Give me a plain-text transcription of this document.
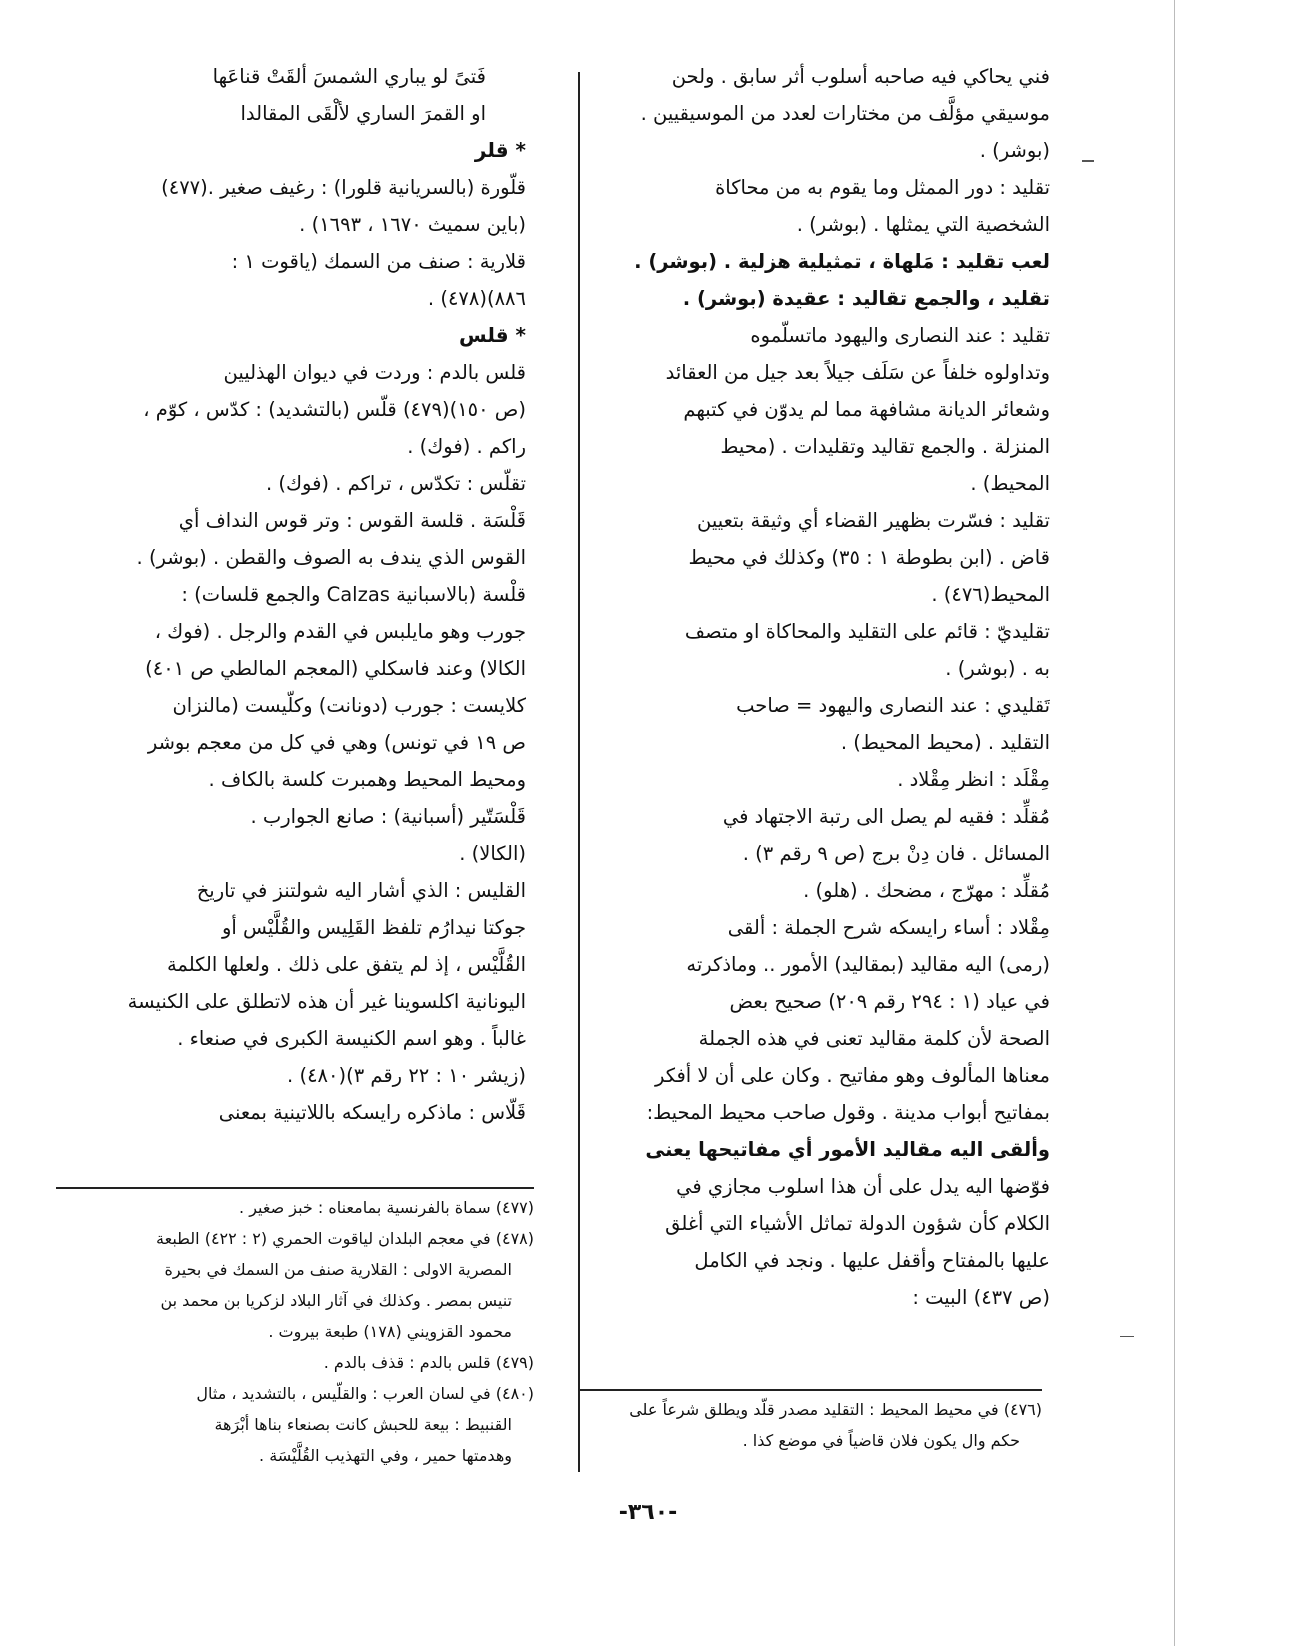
فني يحاكي فيه صاحبه أسلوب أثر سابق . ولحن
موسيقي مؤلَّف من مختارات لعدد من الموسيقيين .
(بوشر) .
تقليد : دور الممثل وما يقوم به من محاكاة
الشخصية التي يمثلها . (بوشر) .
لعب تقليد : مَلهاة ، تمثيلية هزلية . (بوشر) .
تقليد ، والجمع تقاليد : عقيدة (بوشر) .
تقليد : عند النصارى واليهود ماتسلّموه
وتداولوه خلفاً عن سَلَف جيلاً بعد جيل من العقائد
وشعائر الديانة مشافهة مما لم يدوّن في كتبهم
المنزلة . والجمع تقاليد وتقليدات . (محيط
المحيط) .
تقليد : فسّرت بظهير القضاء أي وثيقة بتعيين
قاض . (ابن بطوطة ١ : ٣٥) وكذلك في محيط
المحيط(٤٧٦) .
تقليديّ : قائم على التقليد والمحاكاة او متصف
به . (بوشر) .
تَقليدي : عند النصارى واليهود = صاحب
التقليد . (محيط المحيط) .
مِقْلَد : انظر مِقْلاد .
مُقلِّد : فقيه لم يصل الى رتبة الاجتهاد في
المسائل . فان دِنْ برج (ص ٩ رقم ٣) .
مُقلِّد : مهرّج ، مضحك . (هلو) .
مِقْلاد : أساء رايسكه شرح الجملة : ألقى
(رمى) اليه مقاليد (بمقاليد) الأمور .. وماذكرته
في عياد (١ : ٢٩٤ رقم ٢٠٩) صحيح بعض
الصحة لأن كلمة مقاليد تعنى في هذه الجملة
معناها المألوف وهو مفاتيح . وكان على أن لا أفكر
بمفاتيح أبواب مدينة . وقول صاحب محيط المحيط:
وألقى اليه مقاليد الأمور أي مفاتيحها يعنى
فوّضها اليه يدل على أن هذا اسلوب مجازي في
الكلام كأن شؤون الدولة تماثل الأشياء التي أغلق
عليها بالمفتاح وأقفل عليها . ونجد في الكامل
(ص ٤٣٧) البيت :
فَتىً لو يباري الشمسَ ألقَتْ قناعَها
او القمرَ الساري لألْقَى المقالدا
* قلر
قلّورة (بالسريانية قلورا) : رغيف صغير .(٤٧٧)
(باين سميث ١٦٧٠ ، ١٦٩٣) .
قلارية : صنف من السمك (ياقوت ١ :
٨٨٦)(٤٧٨) .
* قلس
قلس بالدم : وردت في ديوان الهذليين
(ص ١٥٠)(٤٧٩) قلّس (بالتشديد) : كدّس ، كوّم ،
راكم . (فوك) .
تقلّس : تكدّس ، تراكم . (فوك) .
قَلْسَة . قلسة القوس : وتر قوس النداف أي
القوس الذي يندف به الصوف والقطن . (بوشر) .
قلْسة (بالاسبانية Calzas والجمع قلسات) :
جورب وهو مايلبس في القدم والرجل . (فوك ،
الكالا) وعند فاسكلي (المعجم المالطي ص ٤٠١)
كلايست : جورب (دونانت) وكلّيست (مالنزان
ص ١٩ في تونس) وهي في كل من معجم بوشر
ومحيط المحيط وهمبرت كلسة بالكاف .
قَلْسَتّير (أسبانية) : صانع الجوارب .
(الكالا) .
القليس : الذي أشار اليه شولتنز في تاريخ
جوكتا نيدارُم تلفظ القَلِيس والقُلَّيْس أو
القُلَّيْس ، إذ لم يتفق على ذلك . ولعلها الكلمة
اليونانية اكلسوينا غير أن هذه لاتطلق على الكنيسة
غالباً . وهو اسم الكنيسة الكبرى في صنعاء .
(زيشر ١٠ : ٢٢ رقم ٣)(٤٨٠) .
قَلّاس : ماذكره رايسكه باللاتينية بمعنى
(٤٧٧) سماة بالفرنسية بمامعناه : خبز صغير .
(٤٧٨) في معجم البلدان لياقوت الحمري (٢ : ٤٢٢) الطبعة
المصرية الاولى : القلارية صنف من السمك في بحيرة
تنيس بمصر . وكذلك في آثار البلاد لزكريا بن محمد بن
محمود القزويني (١٧٨) طبعة بيروت .
(٤٧٩) قلس بالدم : قذف بالدم .
(٤٨٠) في لسان العرب : والقلّيس ، بالتشديد ، مثال
القنبيط : بيعة للحبش كانت بصنعاء بناها أبْرَهة
وهدمتها حمير ، وفي التهذيب القُلَّيْسَة .
(٤٧٦) في محيط المحيط : التقليد مصدر قلّد ويطلق شرعاً على
حكم وال يكون فلان قاضياً في موضع كذا .
-٣٦٠-
